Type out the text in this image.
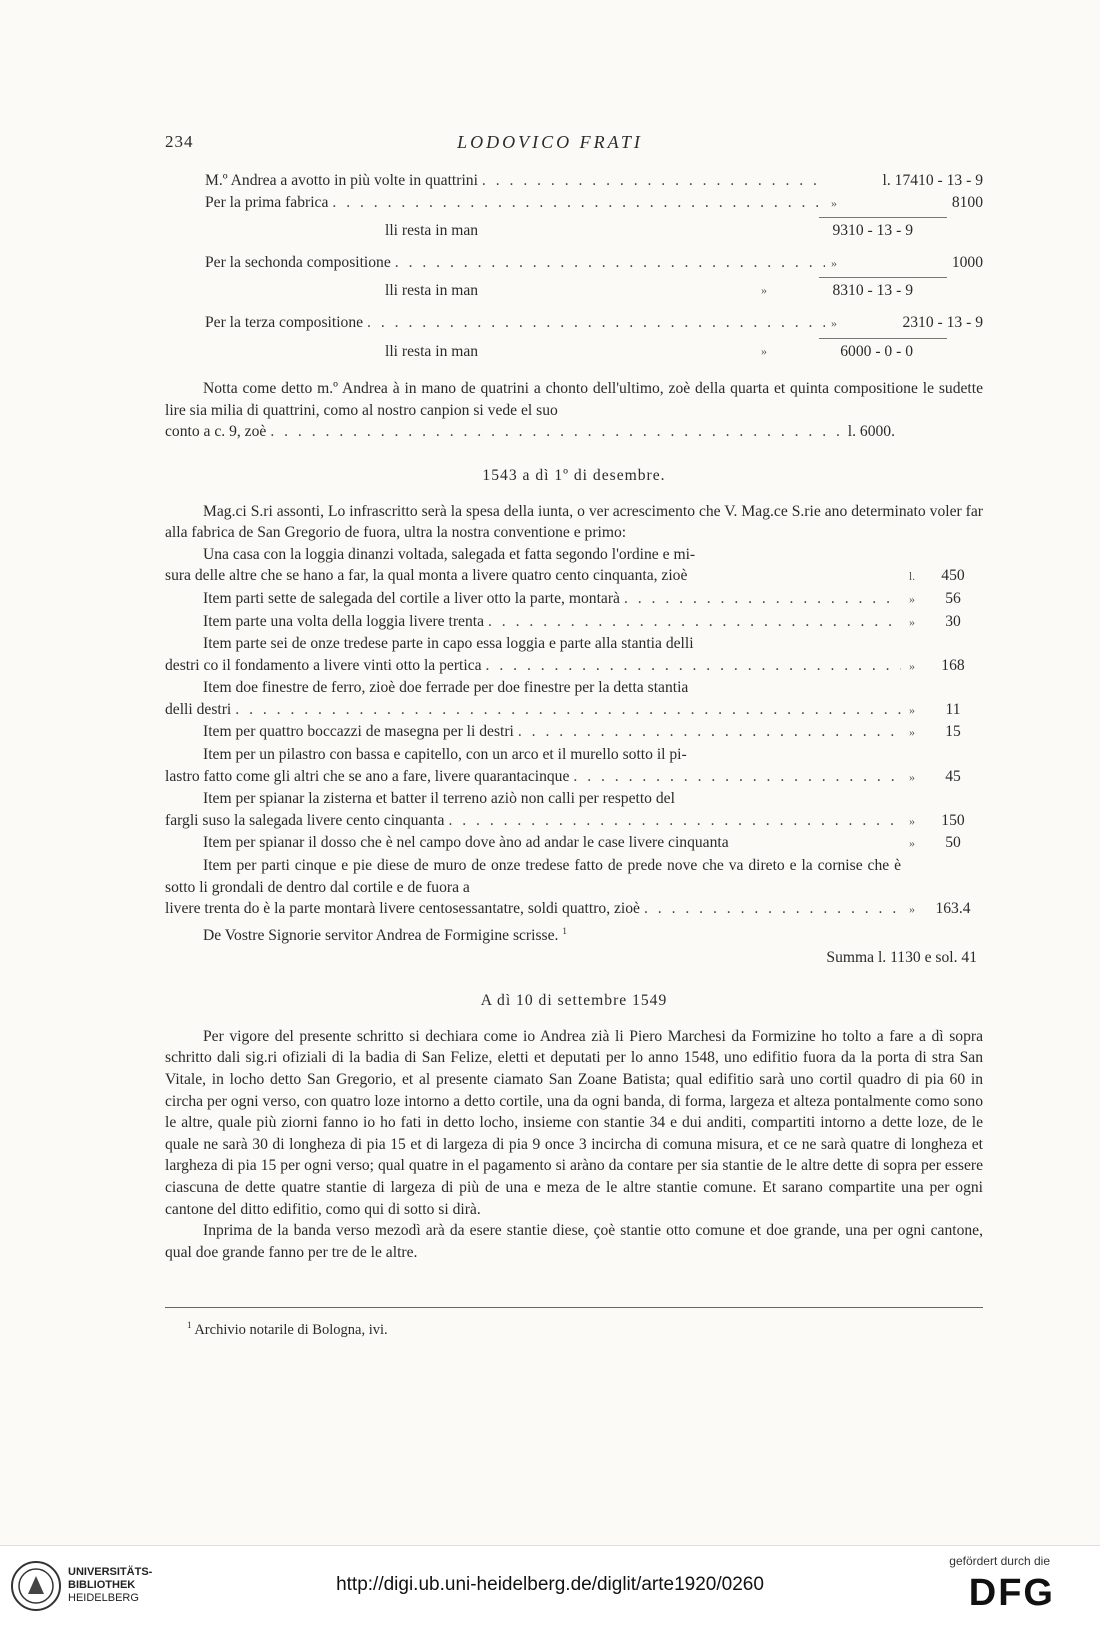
234	LODOVICO FRATI
M.º Andrea a avotto in più volte in quattrini . . .	l. 17410 - 13 - 9
Per la prima fabrica . . .	»	8100
lli resta in man	9310 - 13 - 9
Per la sechonda compositione . . .	»	1000
lli resta in man	»	8310 - 13 - 9
Per la terza compositione . . .	»	2310 - 13 - 9
lli resta in man	»	6000 - 0 - 0
Notta come detto m.º Andrea à in mano de quatrini a chonto dell'ultimo, zoè della quarta et quinta compositione le sudette lire sia milia di quattrini, como al nostro canpion si vede el suo
conto a c. 9, zoè . . .	l. 6000.
1543 a dì 1º di desembre.
Mag.ci S.ri assonti, Lo infrascritto serà la spesa della iunta, o ver acrescimento che V. Mag.ce S.rie ano determinato voler far alla fabrica de San Gregorio de fuora, ultra la nostra conventione e primo:
Una casa con la loggia dinanzi voltada, salegada et fatta segondo l'ordine e mi-
sura delle altre che se hano a far, la qual monta a livere quatro cento cinquanta, zioè	l.	450
Item parti sette de salegada del cortile a liver otto la parte, montarà . . .	»	56
Item parte una volta della loggia livere trenta . . .	»	30
Item parte sei de onze tredese parte in capo essa loggia e parte alla stantia delli
destri co il fondamento a livere vinti otto la pertica . . .	»	168
Item doe finestre de ferro, zioè doe ferrade per doe finestre per la detta stantia
delli destri . . .	»	11
Item per quattro boccazzi de masegna per li destri . . .	»	15
Item per un pilastro con bassa e capitello, con un arco et il murello sotto il pi-
lastro fatto come gli altri che se ano a fare, livere quarantacinque . . .	»	45
Item per spianar la zisterna et batter il terreno aziò non calli per respetto del
fargli suso la salegada livere cento cinquanta . . .	»	150
Item per spianar il dosso che è nel campo dove àno ad andar le case livere cinquanta	»	50
Item per parti cinque e pie diese de muro de onze tredese fatto de prede nove che va direto e la cornise che è sotto li grondali de dentro dal cortile e de fuora a
livere trenta do è la parte montarà livere centosessantatre, soldi quattro, zioè . . .	»	163.4
De Vostre Signorie servitor Andrea de Formigine scrisse. $^1$
Summa l. 1130 e sol. 41
A dì 10 di settembre 1549
Per vigore del presente schritto si dechiara come io Andrea zià li Piero Marchesi da Formizine ho tolto a fare a dì sopra schritto dali sig.ri ofiziali di la badia di San Felize, eletti et deputati per lo anno 1548, uno edifitio fuora da la porta di stra San Vitale, in locho detto San Gregorio, et al presente ciamato San Zoane Batista; qual edifitio sarà uno cortil quadro di pia 60 in circha per ogni verso, con quatro loze intorno a detto cortile, una da ogni banda, di forma, largeza et alteza pontalmente como sono le altre, quale più ziorni fanno io ho fati in detto locho, insieme con stantie 34 e dui anditi, compartiti intorno a dette loze, de le quale ne sarà 30 di longheza di pia 15 et di largeza di pia 9 once 3 incircha di comuna misura, et ce ne sarà quatre di longheza et largheza di pia 15 per ogni verso; qual quatre in el pagamento si aràno da contare per sia stantie de le altre dette di sopra per essere ciascuna de dette quatre stantie di largeza di più de una e meza de le altre stantie comune. Et sarano compartite una per ogni cantone del ditto edifitio, como qui di sotto si dirà.
Inprima de la banda verso mezodì arà da esere stantie diese, çoè stantie otto comune et doe grande, una per ogni cantone, qual doe grande fanno per tre de le altre.
$^1$ Archivio notarile di Bologna, ivi.
UNIVERSITÄTS-
BIBLIOTHEK
HEIDELBERG
http://digi.ub.uni-heidelberg.de/diglit/arte1920/0260
gefördert durch die
DFG
